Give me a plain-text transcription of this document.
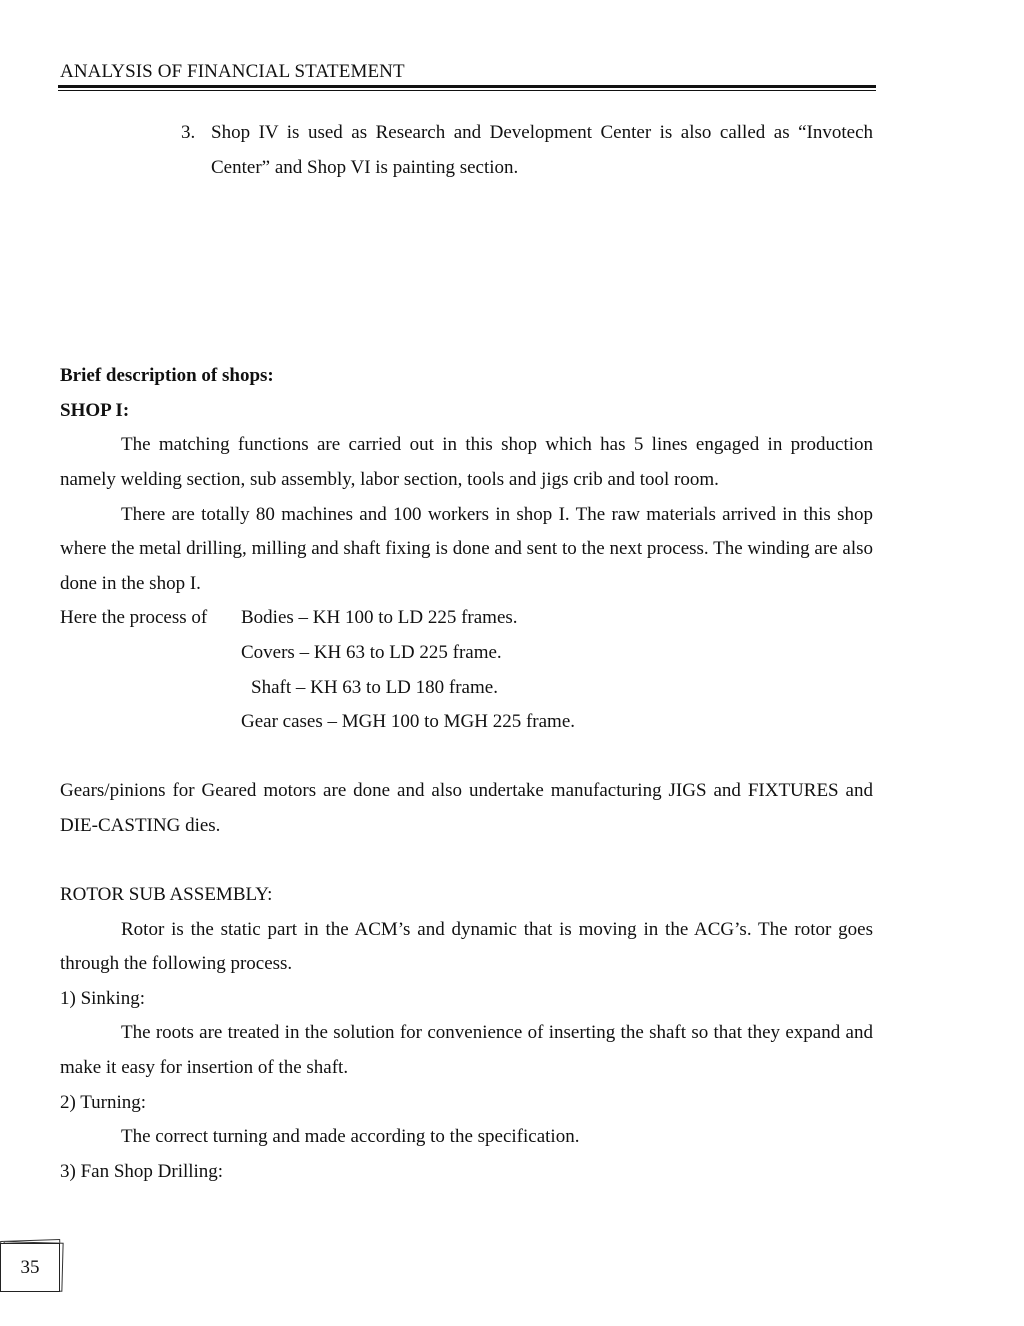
ANALYSIS OF FINANCIAL STATEMENT
3. Shop IV is used as Research and Development Center is also called as “Invotech

Center” and Shop VI is painting section.

Brief description of shops:

SHOP I:

The matching functions are carried out in this shop which has 5 lines engaged in production namely welding section, sub assembly, labor section, tools and jigs crib and tool room.

There are totally 80 machines and 100 workers in shop I. The raw materials arrived in this shop where the metal drilling, milling and shaft fixing is done and sent to the next process. The winding are also done in the shop I.

Here the process of Bodies – KH 100 to LD 225 frames.
Covers – KH 63 to LD 225 frame.
Shaft – KH 63 to LD 180 frame.
Gear cases – MGH 100 to MGH 225 frame.

Gears/pinions for Geared motors are done and also undertake manufacturing JIGS and FIXTURES and DIE-CASTING dies.

ROTOR SUB ASSEMBLY:

Rotor is the static part in the ACM’s and dynamic that is moving in the ACG’s. The rotor goes through the following process.

1) Sinking:

The roots are treated in the solution for convenience of inserting the shaft so that they expand and make it easy for insertion of the shaft.

2) Turning:

The correct turning and made according to the specification.

3) Fan Shop Drilling:

35
